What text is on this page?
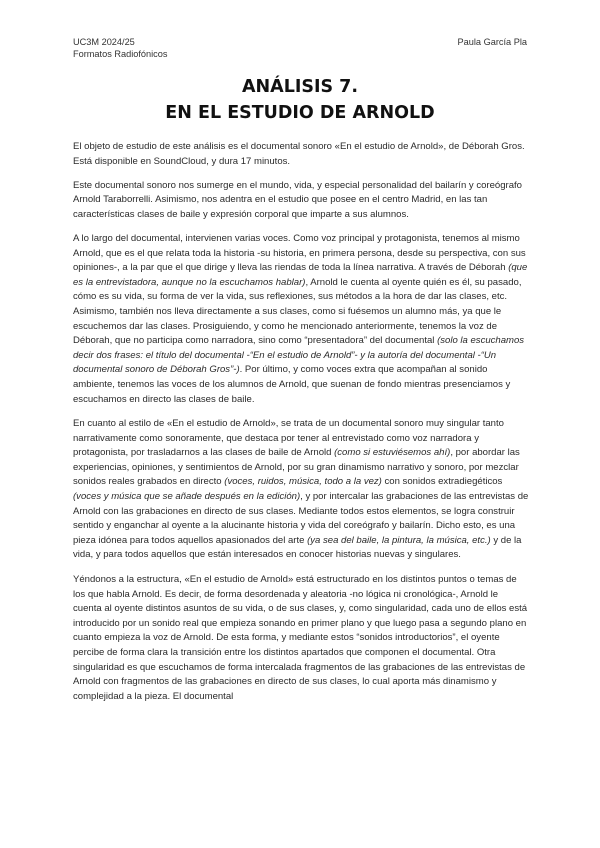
UC3M 2024/25
Formatos Radiofónicos
Paula García Pla
ANÁLISIS 7.
EN EL ESTUDIO DE ARNOLD

El objeto de estudio de este análisis es el documental sonoro «En el estudio de Arnold», de Déborah Gros. Está disponible en SoundCloud, y dura 17 minutos.

Este documental sonoro nos sumerge en el mundo, vida, y especial personalidad del bailarín y coreógrafo Arnold Taraborrelli. Asimismo, nos adentra en el estudio que posee en el centro Madrid, en las tan características clases de baile y expresión corporal que imparte a sus alumnos.

A lo largo del documental, intervienen varias voces. Como voz principal y protagonista, tenemos al mismo Arnold, que es el que relata toda la historia -su historia, en primera persona, desde su perspectiva, con sus opiniones-, a la par que el que dirige y lleva las riendas de toda la línea narrativa. A través de Déborah (que es la entrevistadora, aunque no la escuchamos hablar), Arnold le cuenta al oyente quién es él, su pasado, cómo es su vida, su forma de ver la vida, sus reflexiones, sus métodos a la hora de dar las clases, etc. Asimismo, también nos lleva directamente a sus clases, como si fuésemos un alumno más, ya que le escuchemos dar las clases. Prosiguiendo, y como he mencionado anteriormente, tenemos la voz de Déborah, que no participa como narradora, sino como “presentadora” del documental (solo la escuchamos decir dos frases: el título del documental -“En el estudio de Arnold”- y la autoría del documental -“Un documental sonoro de Déborah Gros”-). Por último, y como voces extra que acompañan al sonido ambiente, tenemos las voces de los alumnos de Arnold, que suenan de fondo mientras presenciamos y escuchamos en directo las clases de baile.

En cuanto al estilo de «En el estudio de Arnold», se trata de un documental sonoro muy singular tanto narrativamente como sonoramente, que destaca por tener al entrevistado como voz narradora y protagonista, por trasladarnos a las clases de baile de Arnold (como si estuviésemos ahí), por abordar las experiencias, opiniones, y sentimientos de Arnold, por su gran dinamismo narrativo y sonoro, por mezclar sonidos reales grabados en directo (voces, ruidos, música, todo a la vez) con sonidos extradiegéticos (voces y música que se añade después en la edición), y por intercalar las grabaciones de las entrevistas de Arnold con las grabaciones en directo de sus clases. Mediante todos estos elementos, se logra construir sentido y enganchar al oyente a la alucinante historia y vida del coreógrafo y bailarín. Dicho esto, es una pieza idónea para todos aquellos apasionados del arte (ya sea del baile, la pintura, la música, etc.) y de la vida, y para todos aquellos que están interesados en conocer historias nuevas y singulares.

Yéndonos a la estructura, «En el estudio de Arnold» está estructurado en los distintos puntos o temas de los que habla Arnold. Es decir, de forma desordenada y aleatoria -no lógica ni cronológica-, Arnold le cuenta al oyente distintos asuntos de su vida, o de sus clases, y, como singularidad, cada uno de ellos está introducido por un sonido real que empieza sonando en primer plano y que luego pasa a segundo plano en cuanto empieza la voz de Arnold. De esta forma, y mediante estos “sonidos introductorios”, el oyente percibe de forma clara la transición entre los distintos apartados que componen el documental. Otra singularidad es que escuchamos de forma intercalada fragmentos de las grabaciones de las entrevistas de Arnold con fragmentos de las grabaciones en directo de sus clases, lo cual aporta más dinamismo y complejidad a la pieza. El documental
